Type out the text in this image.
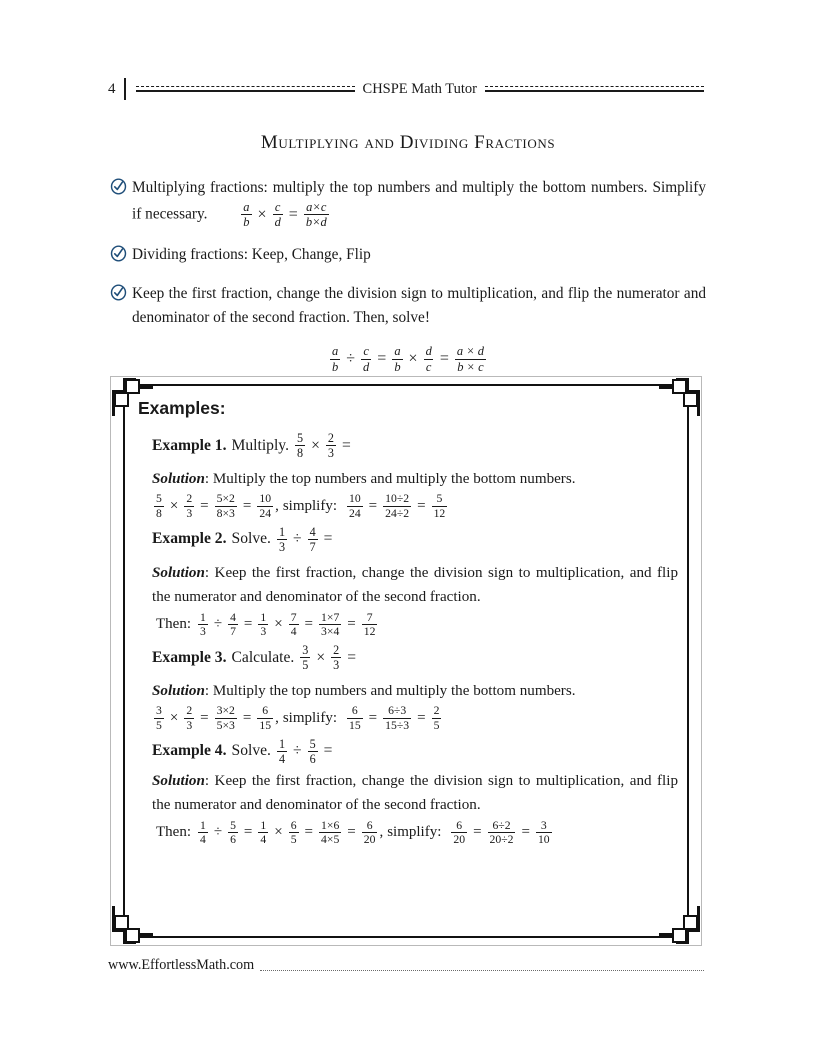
4	CHSPE Math Tutor
Multiplying and Dividing Fractions
Multiplying fractions: multiply the top numbers and multiply the bottom numbers. Simplify if necessary.	$\frac{a}{b} \times \frac{c}{d} = \frac{a\times c}{b\times d}$
Dividing fractions: Keep, Change, Flip
Keep the first fraction, change the division sign to multiplication, and flip the numerator and denominator of the second fraction. Then, solve!
$\frac{a}{b} \div \frac{c}{d} = \frac{a}{b} \times \frac{d}{c} = \frac{a \times d}{b \times c}$
Examples:
Example 1. Multiply. $\frac{5}{8} \times \frac{2}{3}$ =
Solution: Multiply the top numbers and multiply the bottom numbers.
$\frac{5}{8} \times \frac{2}{3} = \frac{5\times 2}{8\times 3} = \frac{10}{24}$ , simplify: $\frac{10}{24} = \frac{10\div 2}{24\div 2} = \frac{5}{12}$
Example 2. Solve. $\frac{1}{3} \div \frac{4}{7}$ =
Solution: Keep the first fraction, change the division sign to multiplication, and flip the numerator and denominator of the second fraction.
Then: $\frac{1}{3} \div \frac{4}{7} = \frac{1}{3} \times \frac{7}{4} = \frac{1\times 7}{3\times 4} = \frac{7}{12}$
Example 3. Calculate. $\frac{3}{5} \times \frac{2}{3}$ =
Solution: Multiply the top numbers and multiply the bottom numbers.
$\frac{3}{5} \times \frac{2}{3} = \frac{3\times 2}{5\times 3} = \frac{6}{15}$ , simplify: $\frac{6}{15} = \frac{6\div 3}{15\div 3} = \frac{2}{5}$
Example 4. Solve. $\frac{1}{4} \div \frac{5}{6}$ =
Solution: Keep the first fraction, change the division sign to multiplication, and flip the numerator and denominator of the second fraction.
Then: $\frac{1}{4} \div \frac{5}{6} = \frac{1}{4} \times \frac{6}{5} = \frac{1\times 6}{4\times 5} = \frac{6}{20}$ , simplify: $\frac{6}{20} = \frac{6\div 2}{20\div 2} = \frac{3}{10}$
www.EffortlessMath.com
